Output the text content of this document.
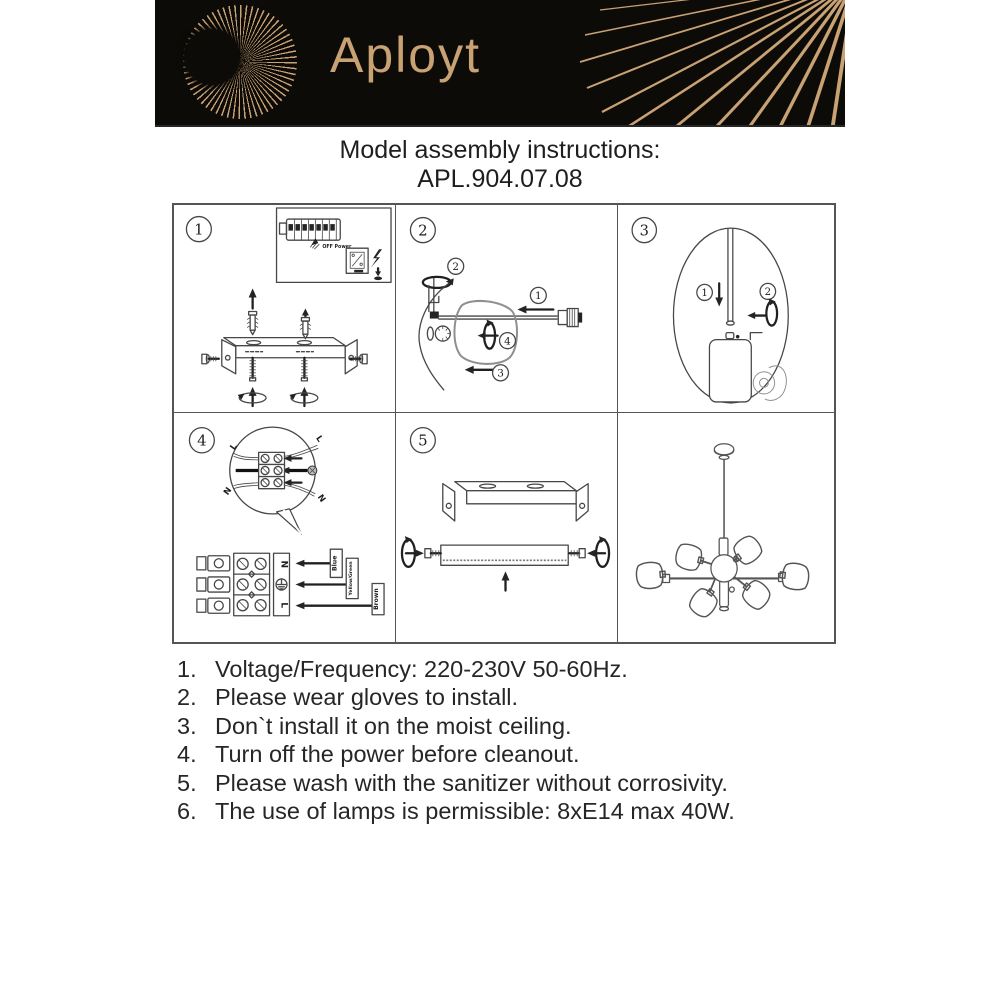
Aployt
Model assembly instructions:
APL.904.07.08
1
OFF Power
2
2
1
4
3
3
1	2
4	L
L
N
N
N
L
Blue Yellow/Green
Brown
5
1. Voltage/Frequency: 220-230V 50-60Hz.
2. Please wear gloves to install.
3. Don`t install it on the moist ceiling.
4. Turn off the power before cleanout.
5. Please wash with the sanitizer without corrosivity.
6. The use of lamps is permissible: 8xE14 max 40W.
